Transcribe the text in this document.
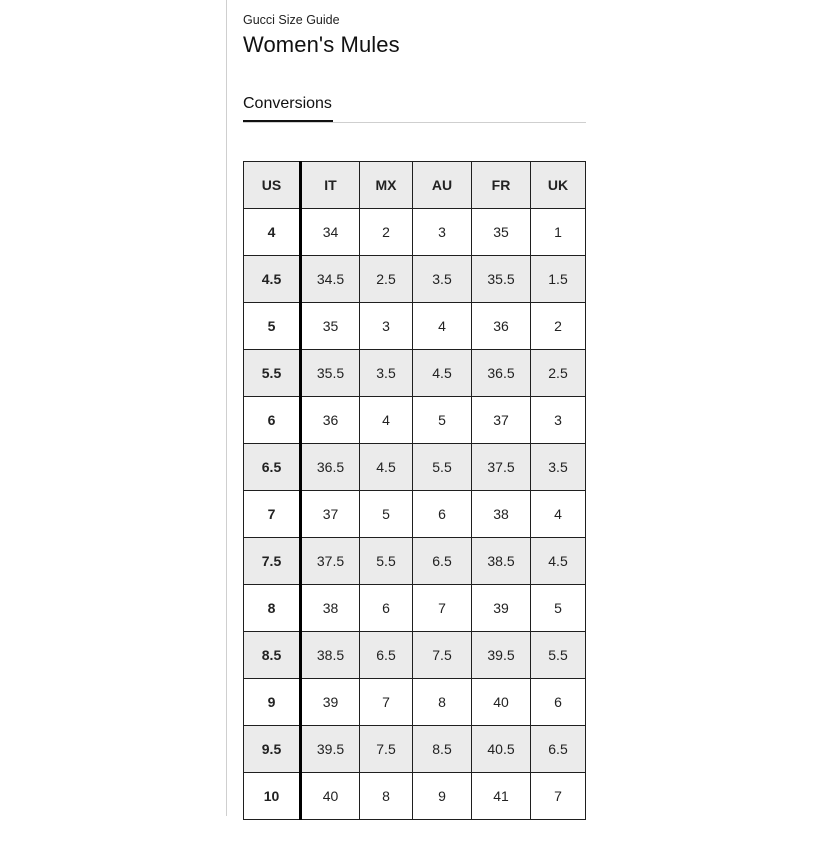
Gucci Size Guide
Women's Mules
Conversions
US	IT	MX	AU	FR	UK
4	34	2	3	35	1
4.5	34.5	2.5	3.5	35.5	1.5
5	35	3	4	36	2
5.5	35.5	3.5	4.5	36.5	2.5
6	36	4	5	37	3
6.5	36.5	4.5	5.5	37.5	3.5
7	37	5	6	38	4
7.5	37.5	5.5	6.5	38.5	4.5
8	38	6	7	39	5
8.5	38.5	6.5	7.5	39.5	5.5
9	39	7	8	40	6
9.5	39.5	7.5	8.5	40.5	6.5
10	40	8	9	41	7
